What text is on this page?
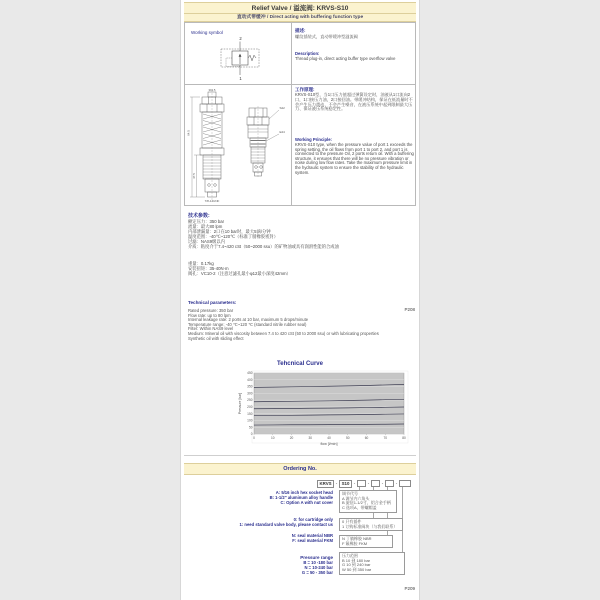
Relief Valve / 溢流阀: KRVS-S10
直动式带缓冲 / Direct acting with buffering function type
Working symbol
2
1
描述:
螺纹插装式，直动带缓冲型溢流阀
Description:
Thread plug-in, direct acting buffer type overflow valve
3±0.5
64.5
47.5
7/8-14UNF
S22
E24
工作原理:
KRVS-S10型，当1口压力值超过弹簧设定时，油液从1口流向2口，1口接压力油，2口接回油。带缓冲结构，保证在低流量时不会产生压力震动、不会产生噪音，在液压系统中起到限制最大压力、保证液压系统稳定性。
Working Principle:
KRVS-S10 type, when the pressure value of port 1 exceeds the spring setting, the oil flows from port 1 to port 2, and port 1 is connected to the pressure Oil, 2 ports return oil. With a buffering structure, it ensures that there will be no pressure vibration or noise during low flow rates. Take the maximum pressure limit in the hydraulic system to ensure the stability of the hydraulic system.
技术参数:
额定压力：350 bar
流量：最大80 lpm
内部泄漏量：2口在10 bar时，最大5滴/分钟
温度范围：-40℃~120℃（标准丁腈橡胶密封）
过滤：NAS9级以内
介质：粘度介于7.4~420 cSt（50~2000 ssu）的矿物油或具有润滑性能的合成油
重量：0.17kg
安装扭矩：35-40N·m
阀孔：VC10-2（注意过滤孔最小φ12最小深度42mm）
Technical parameters:
Rated pressure: 350 bar
Flow rate: up to 80 lpm
Internal leakage rate: 2 ports at 10 bar, maximum 5 drops/minute
Temperature range: -40 ℃~120 ℃ (standard nitrile rubber seal)
Filter: Within NAS9 level
Medium: Mineral oil with viscosity between 7.4 to 420 cSt (50 to 2000 ssu) or with lubricating properties
Synthetic oil with sliding effect
P208
Tehcnical Curve
0
50
100
150
200
250
300
350
400
450
0	10	20	30	40	50	60	70	80
Pressure [bar]
flow [l/min]
Ordering No.
KRVS - S10 -	-	-	-
A: 5/16 inch hex socket head
B: 1-1/2" aluminum alloy handle
C: Option A with nut cover
0: for cartridge only
1: need standard valve body, please contact us
N: seal material NBR
F: seal material FKM
Pressure range
B = 10 -180 bar
N = 10-240 bar
G = 50 - 350 bar
调节代号
A 调节内六角头
B 旋钮1-1/2寸，铝合金手柄
C 选项A，带螺帽盖
0 只有插件
1 订购标准阀块（与我们联系）
N 丁腈橡胶 NBR
F 氟橡胶 FKM
压力范围
B 10 到 180 bar
G 10 到 240 bar
W 50 到 350 bar
P209
